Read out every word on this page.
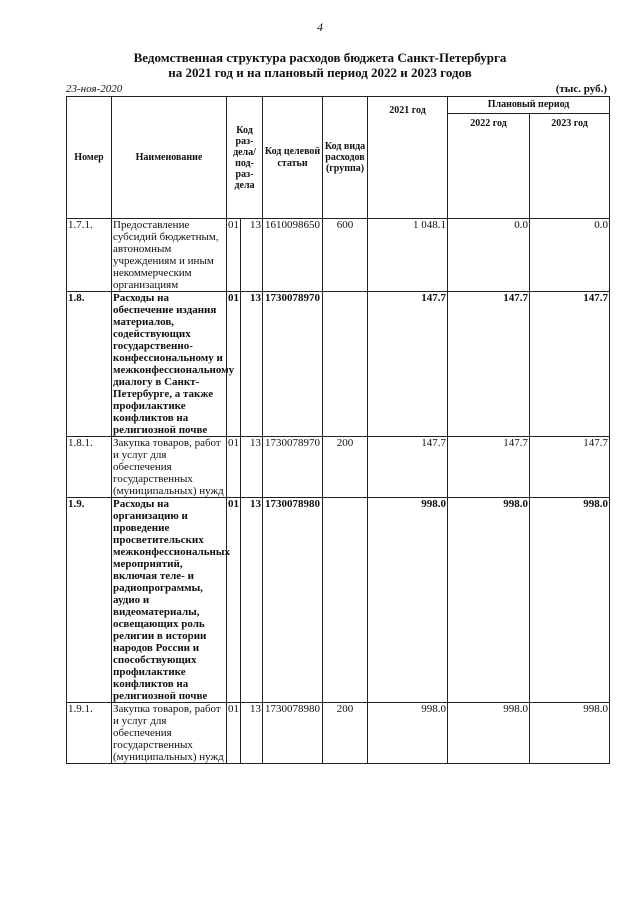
4
Ведомственная структура расходов бюджета Санкт-Петербурга
на 2021 год и на плановый период 2022 и 2023 годов
23-ноя-2020	(тыс. руб.)
Номер	Наименование	Код раз-дела/ под-раз-дела		Код целевой статьи	Код вида расходов (группа)	2021 год	Плановый период	
							2022 год	2023 год
1.7.1.	Предоставление субсидий бюджетным, автономным учреждениям и иным некоммерческим организациям	01	13	1610098650	600	1 048.1	0.0	0.0
1.8.	Расходы на обеспечение издания материалов, содействующих государственно-конфессиональному и межконфессиональному диалогу в Санкт-Петербурге, а также профилактике конфликтов на религиозной почве	01	13	1730078970		147.7	147.7	147.7
1.8.1.	Закупка товаров, работ и услуг для обеспечения государственных (муниципальных) нужд	01	13	1730078970	200	147.7	147.7	147.7
1.9.	Расходы на организацию и проведение просветительских межконфессиональных мероприятий, включая теле- и радиопрограммы, аудио и видеоматериалы, освещающих роль религии в истории народов России и способствующих профилактике конфликтов на религиозной почве	01	13	1730078980		998.0	998.0	998.0
1.9.1.	Закупка товаров, работ и услуг для обеспечения государственных (муниципальных) нужд	01	13	1730078980	200	998.0	998.0	998.0
